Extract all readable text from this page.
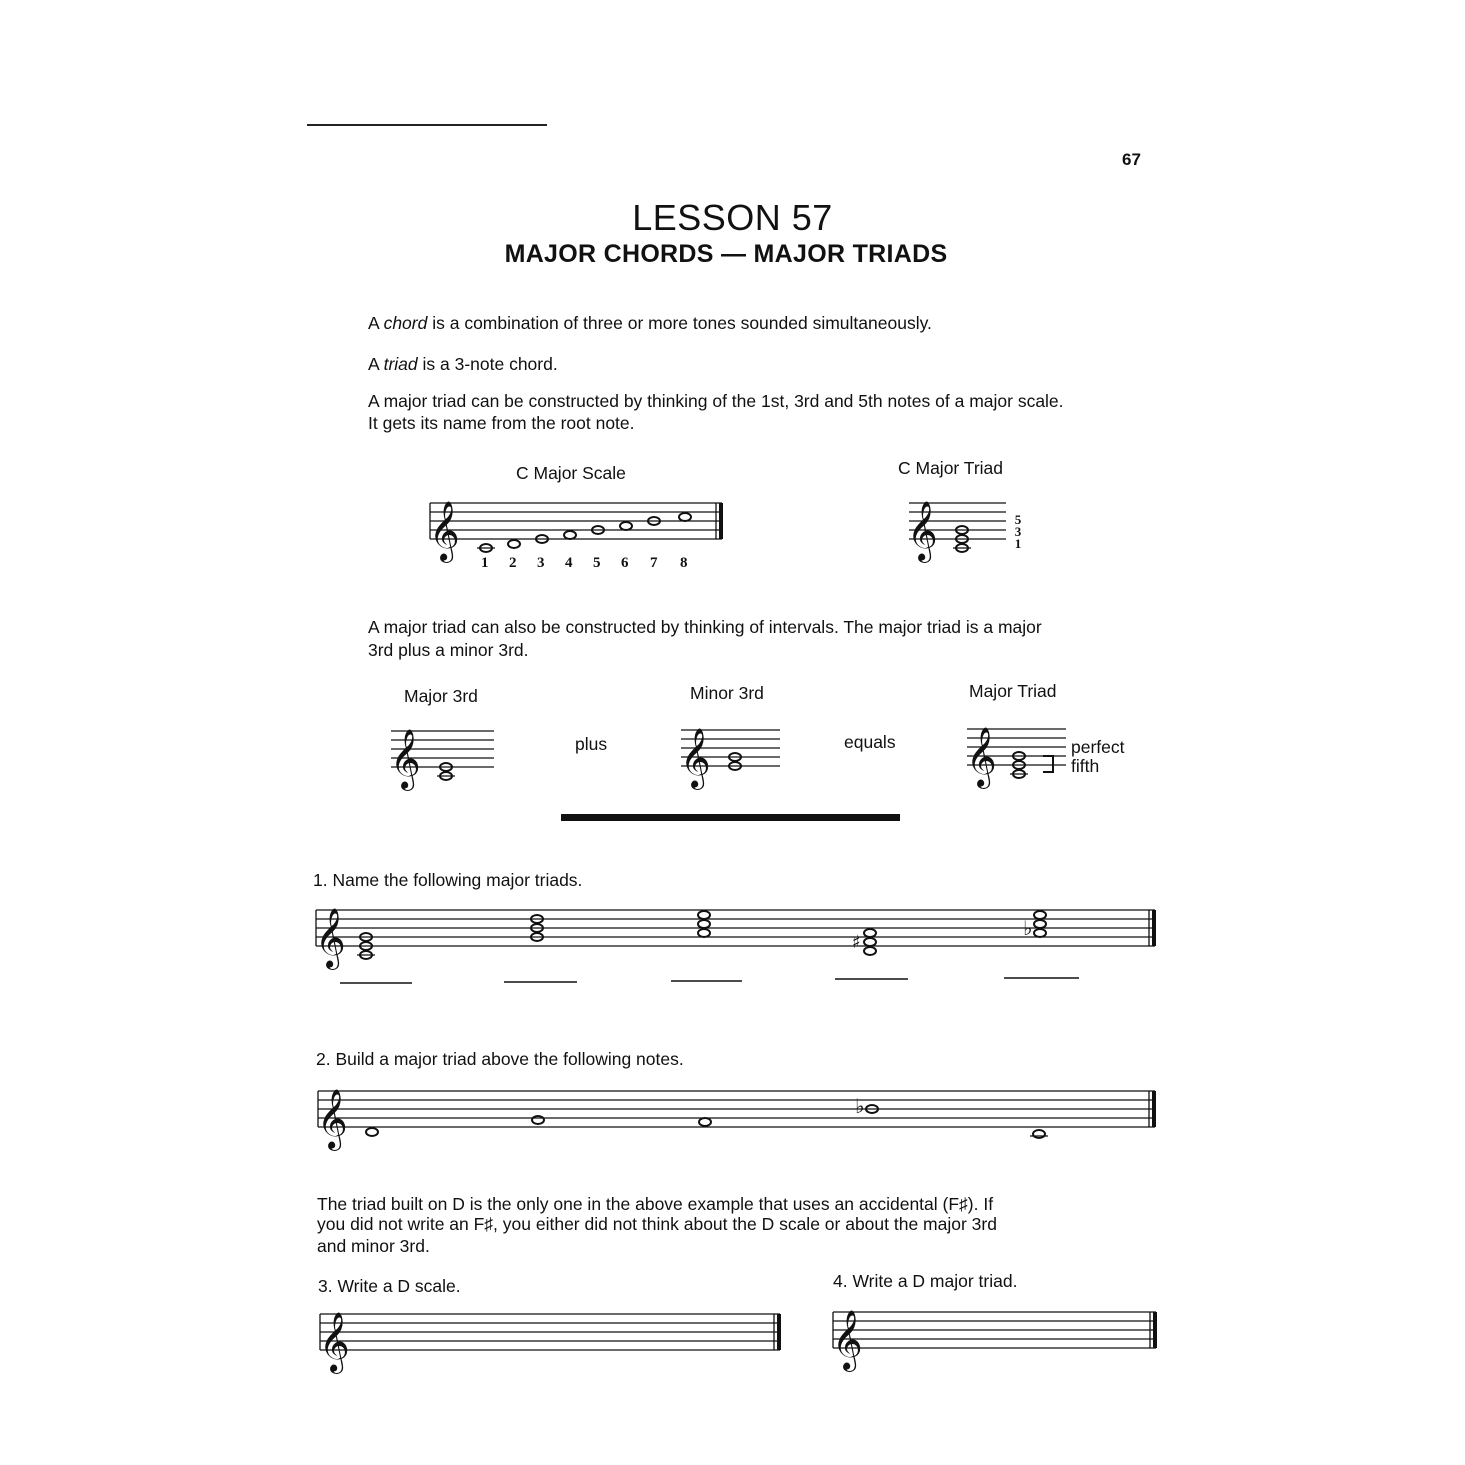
67
LESSON 57
MAJOR CHORDS — MAJOR TRIADS
A chord is a combination of three or more tones sounded simultaneously.
A triad is a 3-note chord.
A major triad can be constructed by thinking of the 1st, 3rd and 5th notes of a major scale.
It gets its name from the root note.
C Major Scale	C Major Triad
𝄞
1 2 3 4 5 6 7 8
𝄞	5
3
1
A major triad can also be constructed by thinking of intervals. The major triad is a major
3rd plus a minor 3rd.
Major 3rd	Minor 3rd	Major Triad
plus	equals	perfect
fifth
𝄞	𝄞	𝄞
1. Name the following major triads.
𝄞	♯
♭
2. Build a major triad above the following notes.
𝄞	♭
The triad built on D is the only one in the above example that uses an accidental (F♯). If
you did not write an F♯, you either did not think about the D scale or about the major 3rd
and minor 3rd.
3. Write a D scale.	4. Write a D major triad.
𝄞	𝄞
